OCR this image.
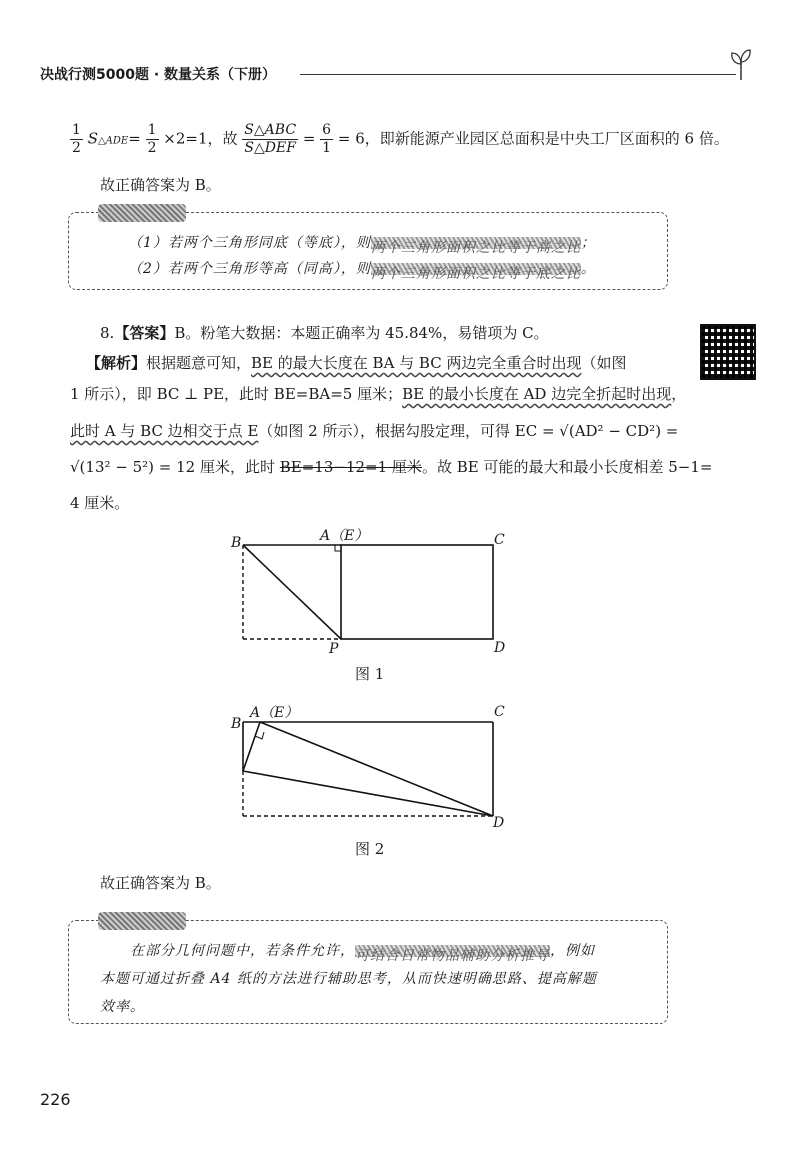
决战行测5000题 · 数量关系（下册）
$\frac{1}{2}$ S△ADE= $\frac{1}{2} \times 2=1$，故 $\frac{\text{S△ABC}}{\text{S△DEF}} = \frac{6}{1} = 6$，即新能源产业园区总面积是中央工厂区面积的 6 倍。
故正确答案为 B。
（1）若两个三角形同底（等底），则两个三角形面积之比等于高之比；
（2）若两个三角形等高（同高），则两个三角形面积之比等于底之比。
8.【答案】B。粉笔大数据：本题正确率为 45.84%，易错项为 C。
【解析】根据题意可知，BE 的最大长度在 BA 与 BC 两边完全重合时出现（如图
1 所示），即 BC ⊥ PE，此时 BE=BA=5 厘米；BE 的最小长度在 AD 边完全折起时出现，
此时 A 与 BC 边相交于点 E（如图 2 所示），根据勾股定理，可得 EC = √(AD² − CD²) =
√(13² − 5²) = 12 厘米，此时 BE=13−12=1 厘米。故 BE 可能的最大和最小长度相差 5−1=
4 厘米。
B	A（E）	C
P	D
图 1
B
A（E）	C
D
图 2
故正确答案为 B。
在部分几何问题中，若条件允许，可结合日常物品辅助分析推导，例如
本题可通过折叠 A4 纸的方法进行辅助思考，从而快速明确思路、提高解题
效率。
226
